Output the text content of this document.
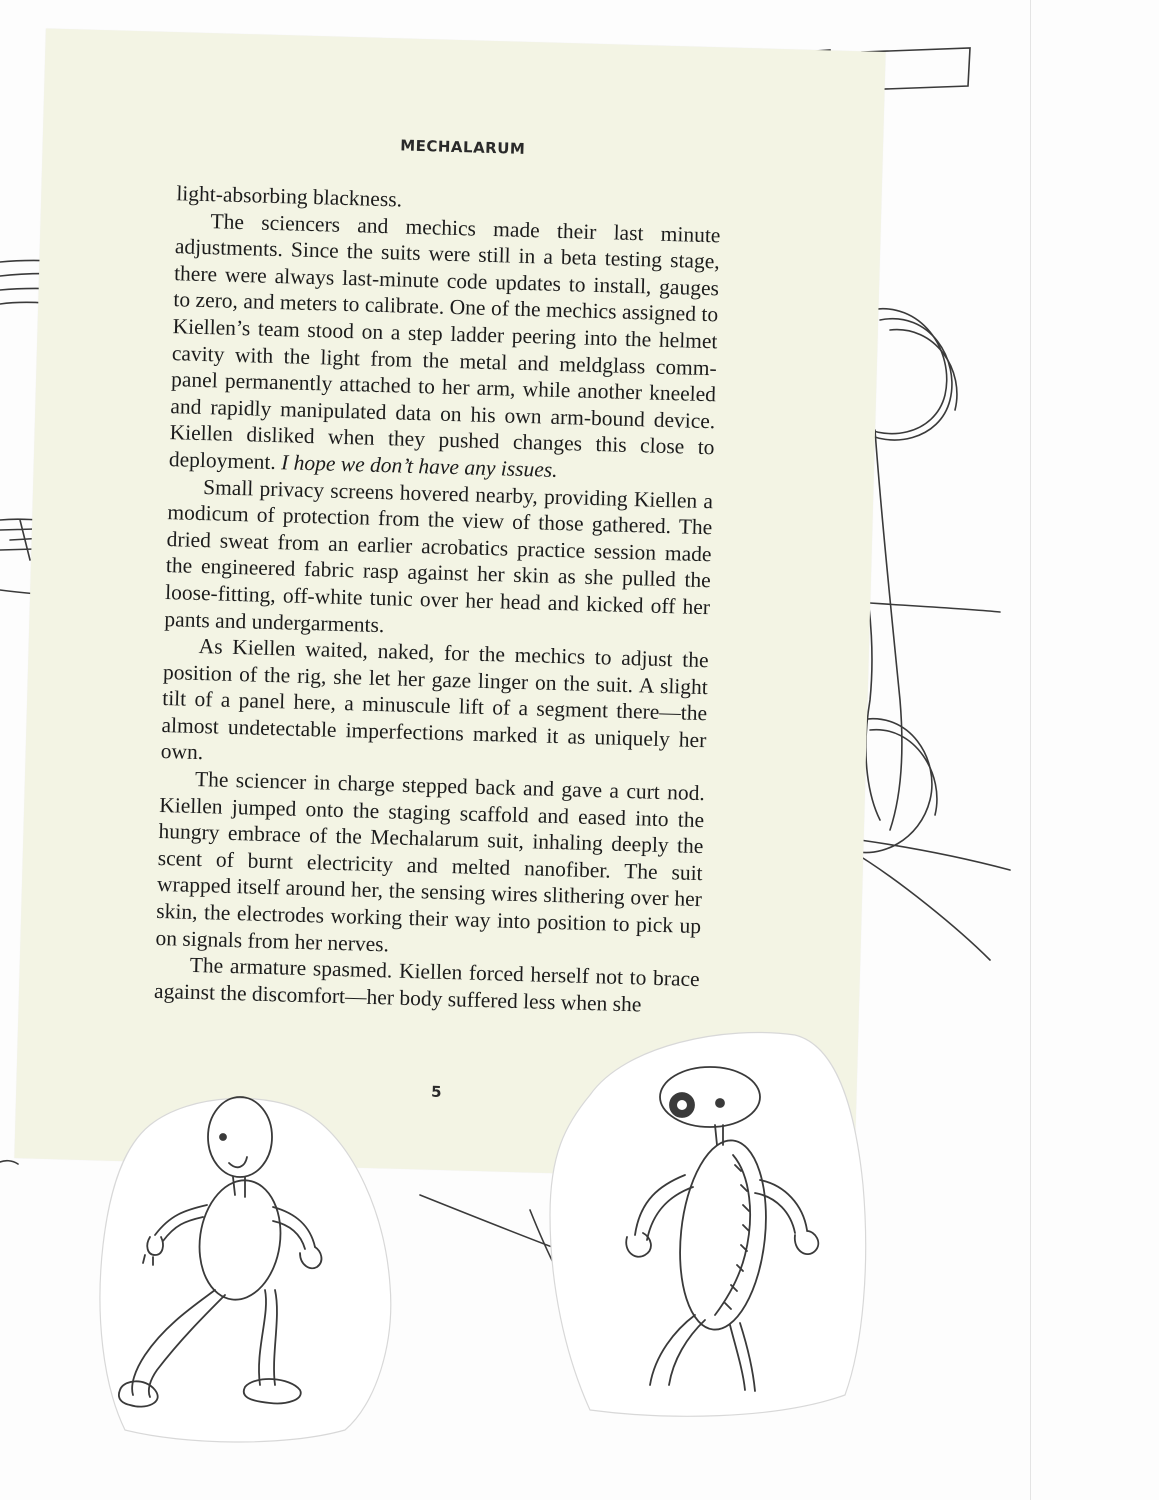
MECHALARUM

light-absorbing blackness.

The sciencers and mechics made their last minute adjustments. Since the suits were still in a beta testing stage, there were always last-minute code updates to install, gauges to zero, and meters to calibrate. One of the mechics assigned to Kiellen’s team stood on a step ladder peering into the helmet cavity with the light from the metal and meldglass comm-panel permanently attached to her arm, while another kneeled and rapidly manipulated data on his own arm-bound device. Kiellen disliked when they pushed changes this close to deployment. I hope we don’t have any issues.

Small privacy screens hovered nearby, providing Kiellen a modicum of protection from the view of those gathered. The dried sweat from an earlier acrobatics practice session made the engineered fabric rasp against her skin as she pulled the loose-fitting, off-white tunic over her head and kicked off her pants and undergarments.

As Kiellen waited, naked, for the mechics to adjust the position of the rig, she let her gaze linger on the suit. A slight tilt of a panel here, a minuscule lift of a segment there—the almost undetectable imperfections marked it as uniquely her own.

The sciencer in charge stepped back and gave a curt nod. Kiellen jumped onto the staging scaffold and eased into the hungry embrace of the Mechalarum suit, inhaling deeply the scent of burnt electricity and melted nanofiber. The suit wrapped itself around her, the sensing wires slithering over her skin, the electrodes working their way into position to pick up on signals from her nerves.

The armature spasmed. Kiellen forced herself not to brace against the discomfort—her body suffered less when she

5
